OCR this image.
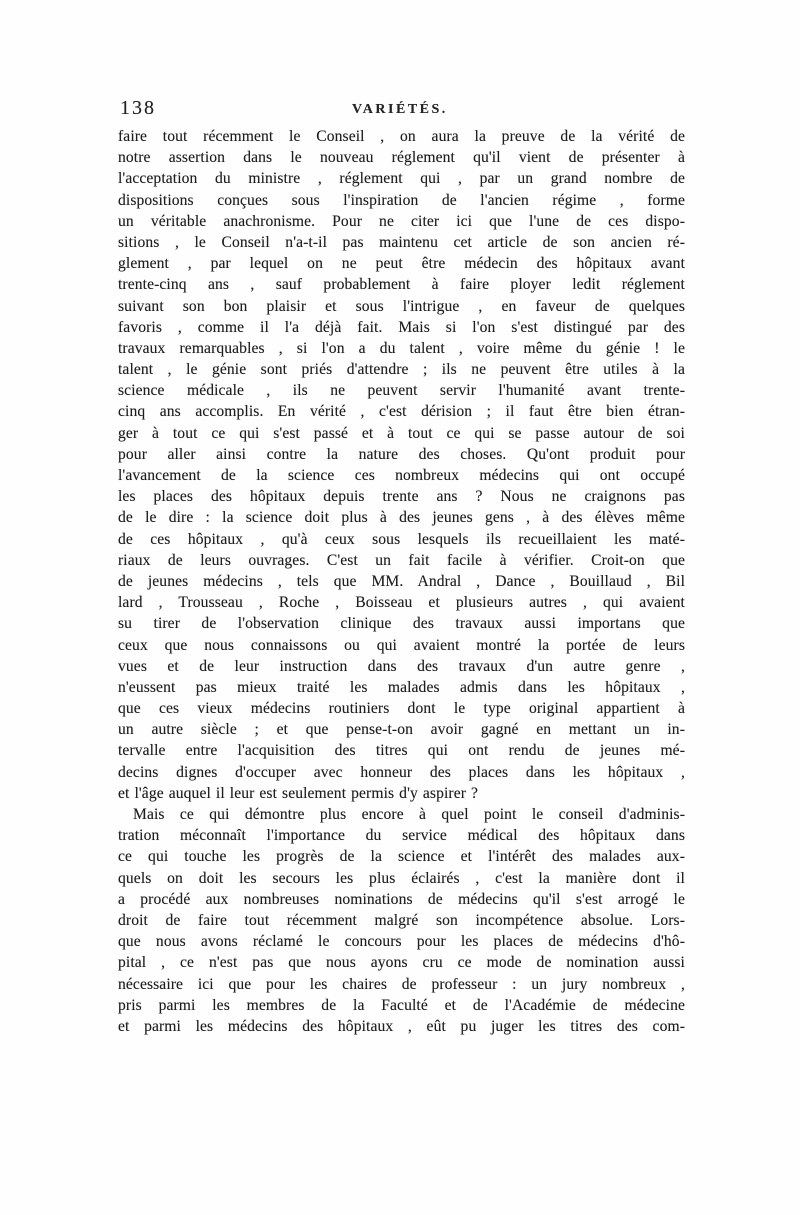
138	VARIÉTÉS.
faire tout récemment le Conseil , on aura la preuve de la vérité de
notre assertion dans le nouveau réglement qu'il vient de présenter à
l'acceptation du ministre , réglement qui , par un grand nombre de
dispositions conçues sous l'inspiration de l'ancien régime , forme
un véritable anachronisme. Pour ne citer ici que l'une de ces dispo-
sitions , le Conseil n'a-t-il pas maintenu cet article de son ancien ré-
glement , par lequel on ne peut être médecin des hôpitaux avant
trente-cinq ans , sauf probablement à faire ployer ledit réglement
suivant son bon plaisir et sous l'intrigue , en faveur de quelques
favoris , comme il l'a déjà fait. Mais si l'on s'est distingué par des
travaux remarquables , si l'on a du talent , voire même du génie ! le
talent , le génie sont priés d'attendre ; ils ne peuvent être utiles à la
science médicale , ils ne peuvent servir l'humanité avant trente-
cinq ans accomplis. En vérité , c'est dérision ; il faut être bien étran-
ger à tout ce qui s'est passé et à tout ce qui se passe autour de soi
pour aller ainsi contre la nature des choses. Qu'ont produit pour
l'avancement de la science ces nombreux médecins qui ont occupé
les places des hôpitaux depuis trente ans ? Nous ne craignons pas
de le dire : la science doit plus à des jeunes gens , à des élèves même
de ces hôpitaux , qu'à ceux sous lesquels ils recueillaient les maté-
riaux de leurs ouvrages. C'est un fait facile à vérifier. Croit-on que
de jeunes médecins , tels que MM. Andral , Dance , Bouillaud , Bil
lard , Trousseau , Roche , Boisseau et plusieurs autres , qui avaient
su tirer de l'observation clinique des travaux aussi importans que
ceux que nous connaissons ou qui avaient montré la portée de leurs
vues et de leur instruction dans des travaux d'un autre genre ,
n'eussent pas mieux traité les malades admis dans les hôpitaux ,
que ces vieux médecins routiniers dont le type original appartient à
un autre siècle ; et que pense-t-on avoir gagné en mettant un in-
tervalle entre l'acquisition des titres qui ont rendu de jeunes mé-
decins dignes d'occuper avec honneur des places dans les hôpitaux ,
et l'âge auquel il leur est seulement permis d'y aspirer ?
Mais ce qui démontre plus encore à quel point le conseil d'adminis-
tration méconnaît l'importance du service médical des hôpitaux dans
ce qui touche les progrès de la science et l'intérêt des malades aux-
quels on doit les secours les plus éclairés , c'est la manière dont il
a procédé aux nombreuses nominations de médecins qu'il s'est arrogé le
droit de faire tout récemment malgré son incompétence absolue. Lors-
que nous avons réclamé le concours pour les places de médecins d'hô-
pital , ce n'est pas que nous ayons cru ce mode de nomination aussi
nécessaire ici que pour les chaires de professeur : un jury nombreux ,
pris parmi les membres de la Faculté et de l'Académie de médecine
et parmi les médecins des hôpitaux , eût pu juger les titres des com-
